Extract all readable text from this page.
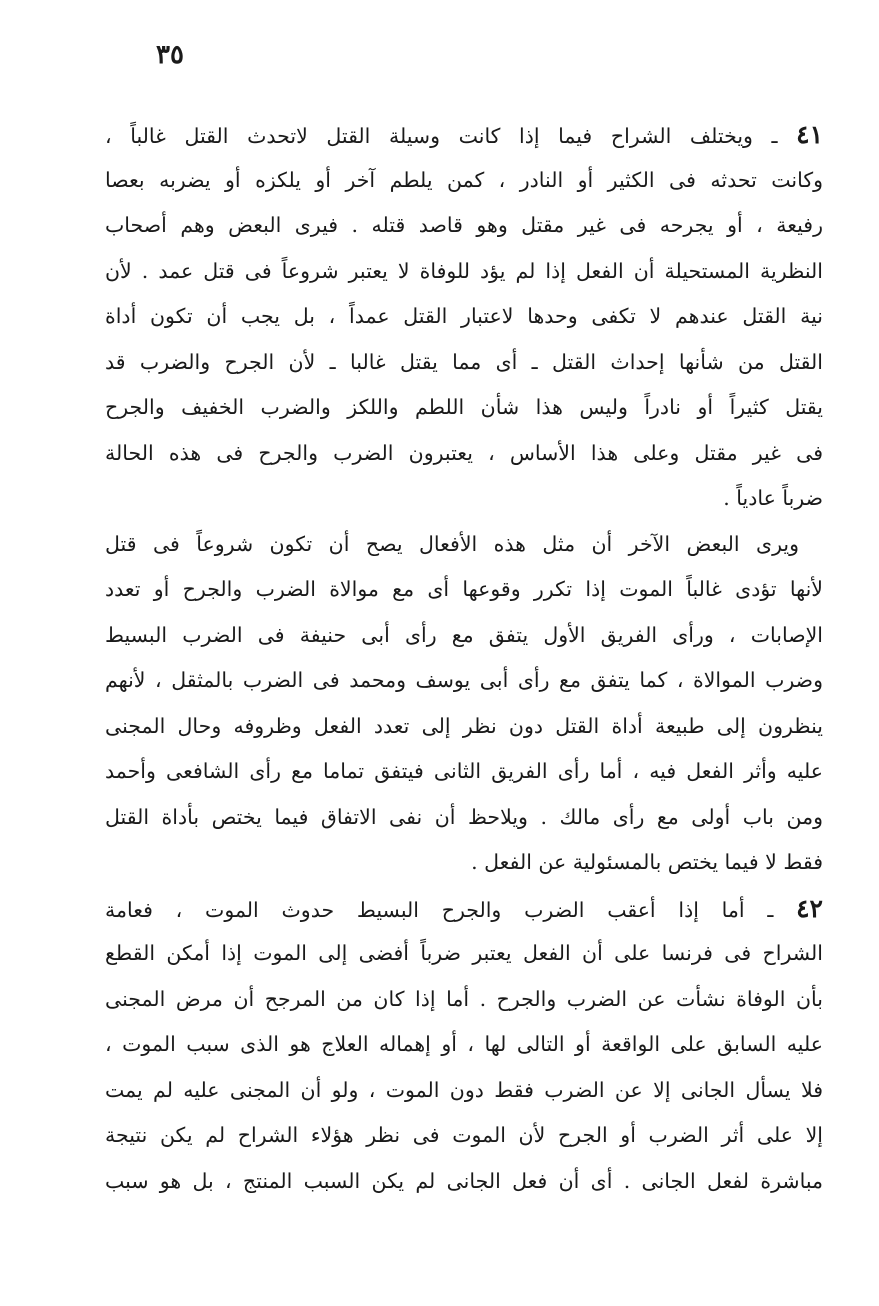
٣٥
٤١ ـ ويختلف الشراح فيما إذا كانت وسيلة القتل لاتحدث القتل غالباً ،
وكانت تحدثه فى الكثير أو النادر ، كمن يلطم آخر أو يلكزه أو يضربه بعصا
رفيعة ، أو يجرحه فى غير مقتل وهو قاصد قتله . فيرى البعض وهم أصحاب
النظرية المستحيلة أن الفعل إذا لم يؤد للوفاة لا يعتبر شروعاً فى قتل عمد . لأن
نية القتل عندهم لا تكفى وحدها لاعتبار القتل عمداً ، بل يجب أن تكون أداة
القتل من شأنها إحداث القتل ـ أى مما يقتل غالبا ـ لأن الجرح والضرب قد
يقتل كثيراً أو نادراً وليس هذا شأن اللطم واللكز والضرب الخفيف والجرح
فى غير مقتل وعلى هذا الأساس ، يعتبرون الضرب والجرح فى هذه الحالة
ضرباً عادياً .
ويرى البعض الآخر أن مثل هذه الأفعال يصح أن تكون شروعاً فى قتل
لأنها تؤدى غالباً الموت إذا تكرر وقوعها أى مع موالاة الضرب والجرح أو تعدد
الإصابات ، ورأى الفريق الأول يتفق مع رأى أبى حنيفة فى الضرب البسيط
وضرب الموالاة ، كما يتفق مع رأى أبى يوسف ومحمد فى الضرب بالمثقل ، لأنهم
ينظرون إلى طبيعة أداة القتل دون نظر إلى تعدد الفعل وظروفه وحال المجنى
عليه وأثر الفعل فيه ، أما رأى الفريق الثانى فيتفق تماما مع رأى الشافعى وأحمد
ومن باب أولى مع رأى مالك . ويلاحظ أن نفى الاتفاق فيما يختص بأداة القتل
فقط لا فيما يختص بالمسئولية عن الفعل .
٤٢ ـ أما إذا أعقب الضرب والجرح البسيط حدوث الموت ، فعامة
الشراح فى فرنسا على أن الفعل يعتبر ضرباً أفضى إلى الموت إذا أمكن القطع
بأن الوفاة نشأت عن الضرب والجرح . أما إذا كان من المرجح أن مرض المجنى
عليه السابق على الواقعة أو التالى لها ، أو إهماله العلاج هو الذى سبب الموت ،
فلا يسأل الجانى إلا عن الضرب فقط دون الموت ، ولو أن المجنى عليه لم يمت
إلا على أثر الضرب أو الجرح لأن الموت فى نظر هؤلاء الشراح لم يكن نتيجة
مباشرة لفعل الجانى . أى أن فعل الجانى لم يكن السبب المنتج ، بل هو سبب
